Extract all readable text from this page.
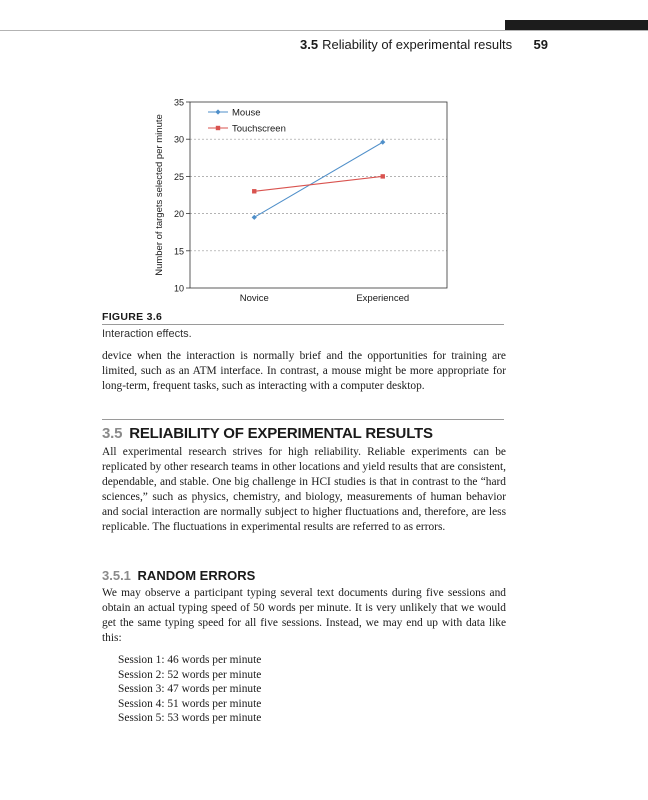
3.5 Reliability of experimental results 59
10
15
20
25
30
35
Novice	Experienced
Number of targets selected per minute
Mouse
Touchscreen
FIGURE 3.6
Interaction effects.

device when the interaction is normally brief and the opportunities for training are limited, such as an ATM interface. In contrast, a mouse might be more appropriate for long-term, frequent tasks, such as interacting with a computer desktop.

3.5 RELIABILITY OF EXPERIMENTAL RESULTS

All experimental research strives for high reliability. Reliable experiments can be replicated by other research teams in other locations and yield results that are consistent, dependable, and stable. One big challenge in HCI studies is that in contrast to the “hard sciences,” such as physics, chemistry, and biology, measurements of human behavior and social interaction are normally subject to higher fluctuations and, therefore, are less replicable. The fluctuations in experimental results are referred to as errors.

3.5.1 RANDOM ERRORS

We may observe a participant typing several text documents during five sessions and obtain an actual typing speed of 50 words per minute. It is very unlikely that we would get the same typing speed for all five sessions. Instead, we may end up with data like this:

Session 1: 46 words per minute
Session 2: 52 words per minute
Session 3: 47 words per minute
Session 4: 51 words per minute
Session 5: 53 words per minute
